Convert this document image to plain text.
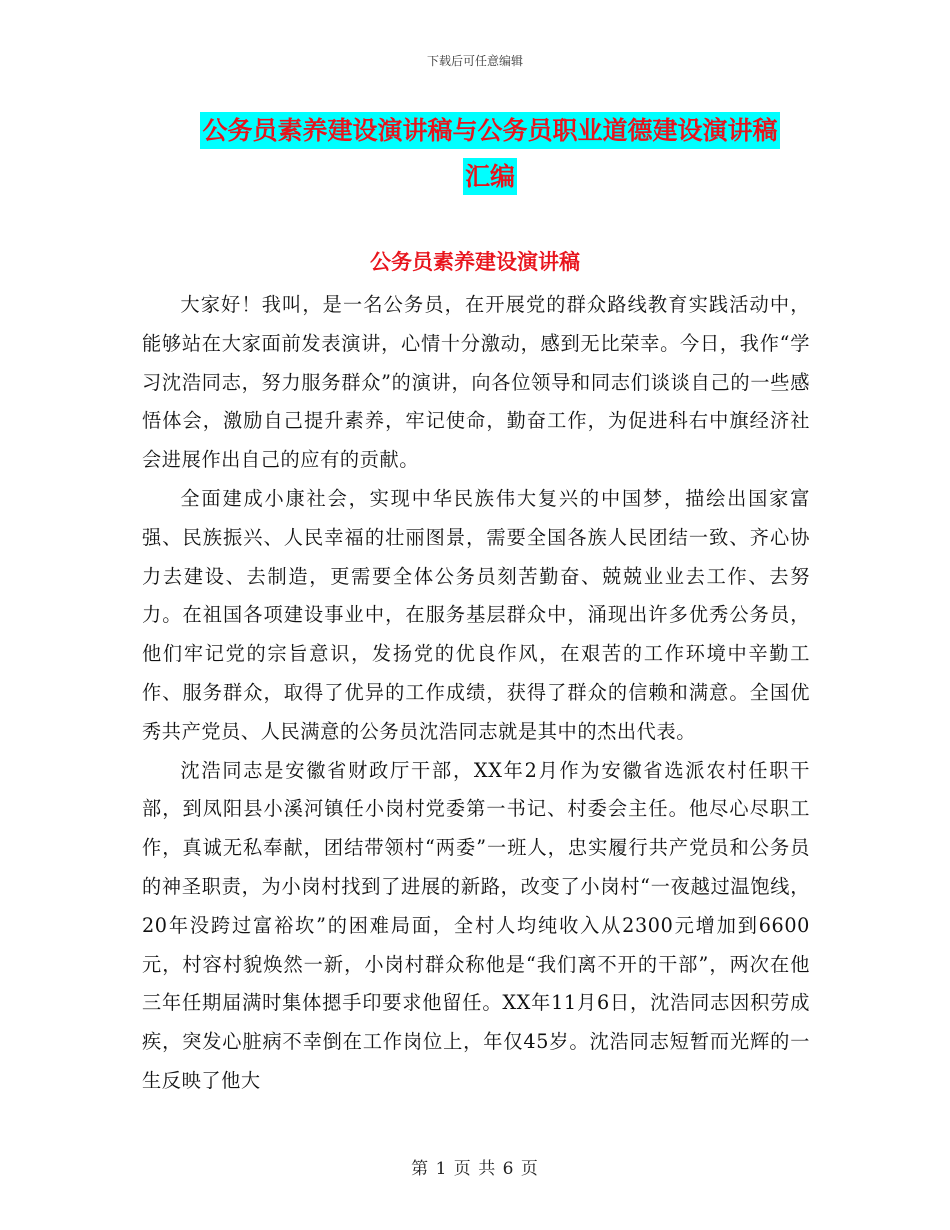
下载后可任意编辑
公务员素养建设演讲稿与公务员职业道德建设演讲稿
汇编
公务员素养建设演讲稿

大家好！我叫，是一名公务员，在开展党的群众路线教育实践活动中，能够站在大家面前发表演讲，心情十分激动，感到无比荣幸。今日，我作“学习沈浩同志，努力服务群众”的演讲，向各位领导和同志们谈谈自己的一些感悟体会，激励自己提升素养，牢记使命，勤奋工作，为促进科右中旗经济社会进展作出自己的应有的贡献。

全面建成小康社会，实现中华民族伟大复兴的中国梦，描绘出国家富强、民族振兴、人民幸福的壮丽图景，需要全国各族人民团结一致、齐心协力去建设、去制造，更需要全体公务员刻苦勤奋、兢兢业业去工作、去努力。在祖国各项建设事业中，在服务基层群众中，涌现出许多优秀公务员，他们牢记党的宗旨意识，发扬党的优良作风，在艰苦的工作环境中辛勤工作、服务群众，取得了优异的工作成绩，获得了群众的信赖和满意。全国优秀共产党员、人民满意的公务员沈浩同志就是其中的杰出代表。

沈浩同志是安徽省财政厅干部，XX年2月作为安徽省选派农村任职干部，到凤阳县小溪河镇任小岗村党委第一书记、村委会主任。他尽心尽职工作，真诚无私奉献，团结带领村“两委”一班人，忠实履行共产党员和公务员的神圣职责，为小岗村找到了进展的新路，改变了小岗村“一夜越过温饱线，20年没跨过富裕坎”的困难局面，全村人均纯收入从2300元增加到6600元，村容村貌焕然一新，小岗村群众称他是“我们离不开的干部”，两次在他三年任期届满时集体摁手印要求他留任。XX年11月6日，沈浩同志因积劳成疾，突发心脏病不幸倒在工作岗位上，年仅45岁。沈浩同志短暂而光辉的一生反映了他大

第 1 页 共 6 页
